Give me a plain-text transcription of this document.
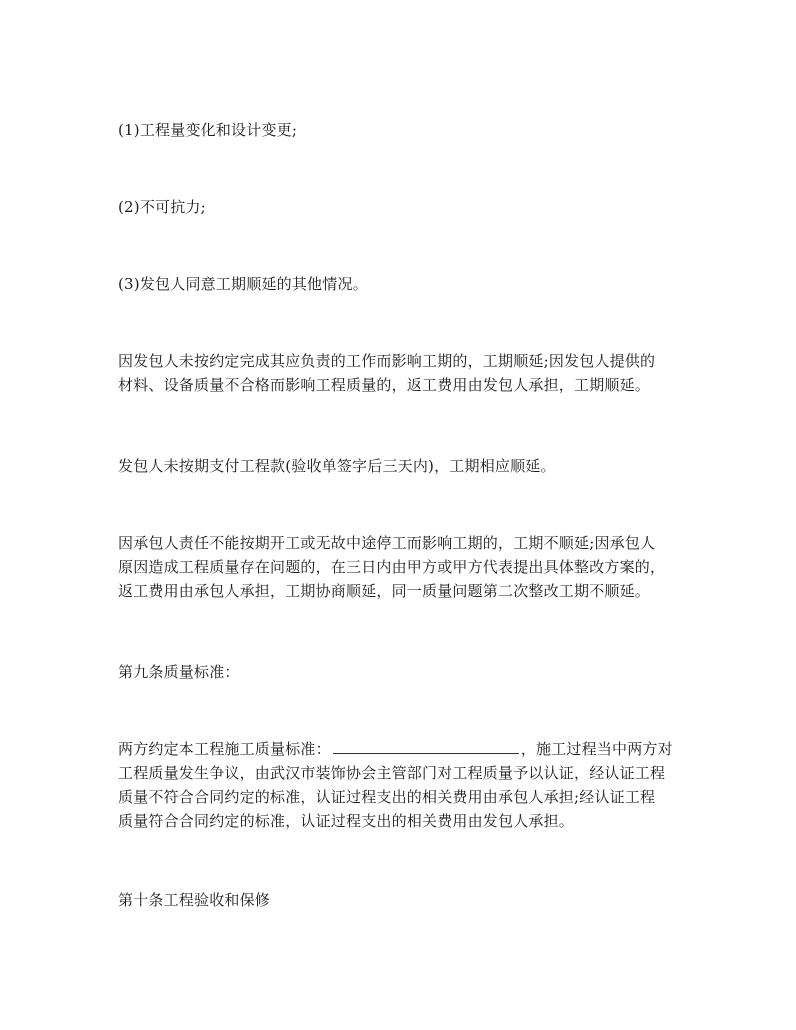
(1)工程量变化和设计变更;

(2)不可抗力;

(3)发包人同意工期顺延的其他情况。

因发包人未按约定完成其应负责的工作而影响工期的，工期顺延;因发包人提供的
材料、设备质量不合格而影响工程质量的，返工费用由发包人承担，工期顺延。

发包人未按期支付工程款(验收单签字后三天内)，工期相应顺延。

因承包人责任不能按期开工或无故中途停工而影响工期的，工期不顺延;因承包人
原因造成工程质量存在问题的，在三日内由甲方或甲方代表提出具体整改方案的，
返工费用由承包人承担，工期协商顺延，同一质量问题第二次整改工期不顺延。

第九条质量标准：

两方约定本工程施工质量标准：	，施工过程当中两方对
工程质量发生争议，由武汉市装饰协会主管部门对工程质量予以认证，经认证工程
质量不符合合同约定的标准，认证过程支出的相关费用由承包人承担;经认证工程
质量符合合同约定的标准，认证过程支出的相关费用由发包人承担。

第十条工程验收和保修
